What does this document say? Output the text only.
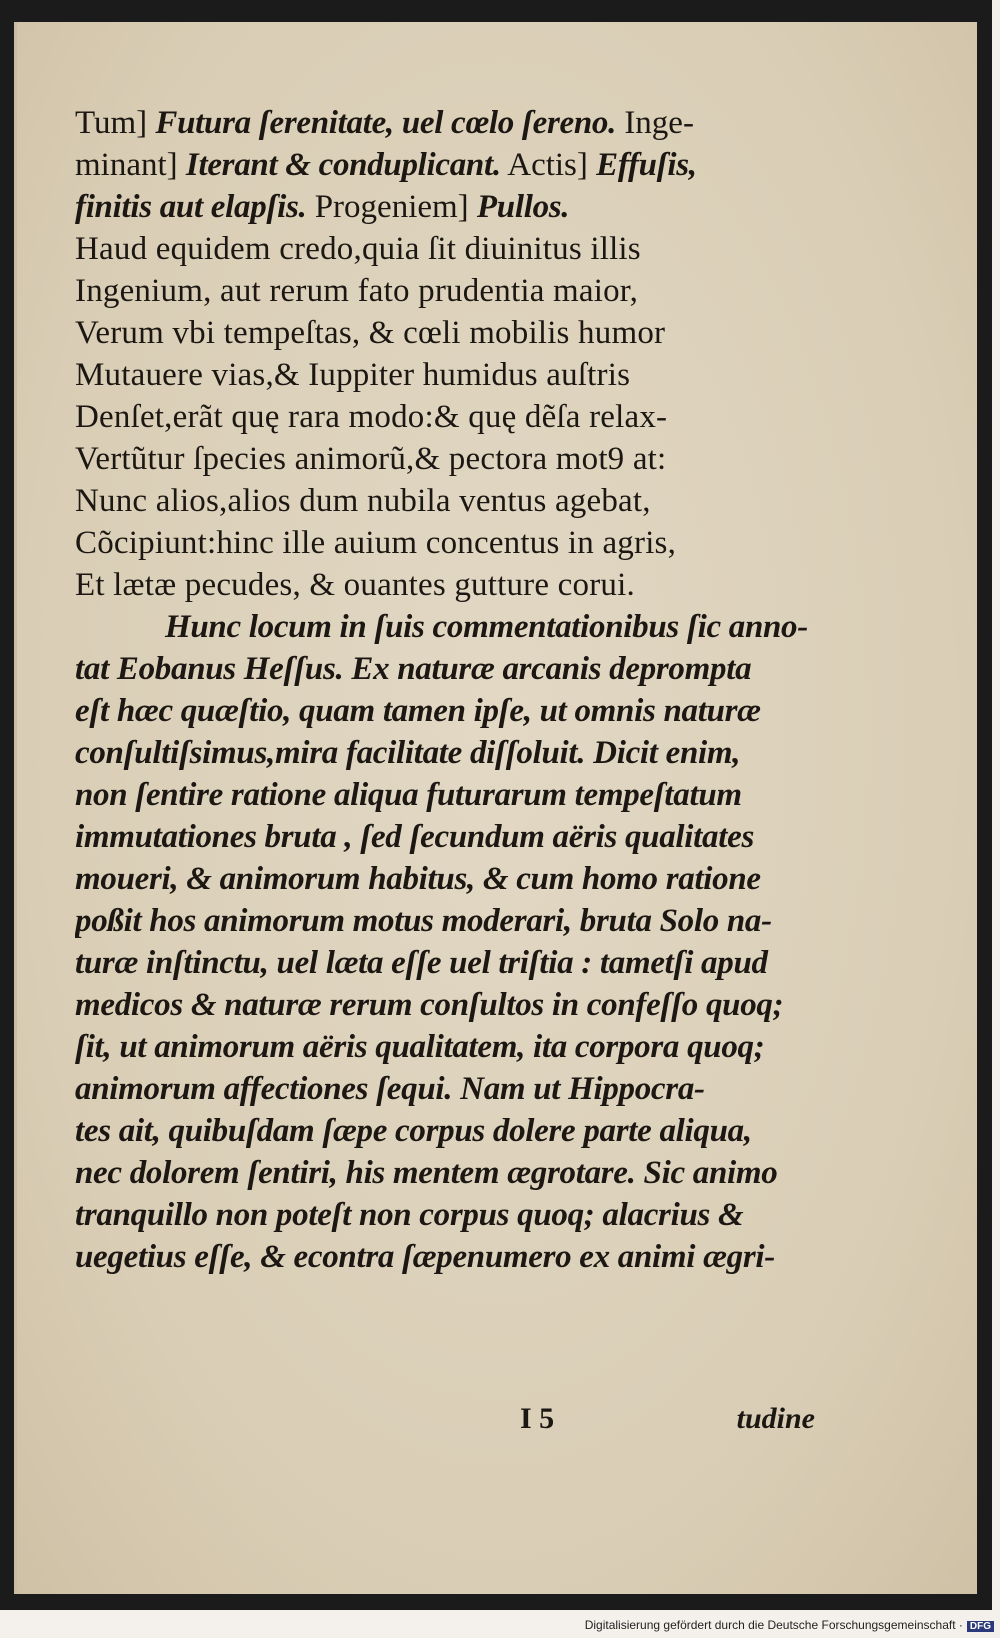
Tum] Futura ſerenitate, uel cœlo ſereno. Inge-
minant] Iterant & conduplicant. Actis] Effuſis,
finitis aut elapſis. Progeniem] Pullos.
Haud equidem credo,quia ſit diuinitus illis
Ingenium, aut rerum fato prudentia maior,
Verum vbi tempeſtas, & cœli mobilis humor
Mutauere vias,& Iuppiter humidus auſtris
Denſet,erãt quę rara modo:& quę dẽſa relax-
Vertũtur ſpecies animorũ,& pectora mot9 at:
Nunc alios,alios dum nubila ventus agebat,
Cõcipiunt:hinc ille auium concentus in agris,
Et lætæ pecudes, & ouantes gutture corui.
Hunc locum in ſuis commentationibus ſic anno-
tat Eobanus Heſſus. Ex naturæ arcanis deprompta
eſt hæc quæſtio, quam tamen ipſe, ut omnis naturæ
conſultiſsimus,mira facilitate diſſoluit. Dicit enim,
non ſentire ratione aliqua futurarum tempeſtatum
immutationes bruta , ſed ſecundum aëris qualitates
moueri, & animorum habitus, & cum homo ratione
poßit hos animorum motus moderari, bruta Solo na-
turæ inſtinctu, uel læta eſſe uel triſtia : tametſi apud
medicos & naturæ rerum conſultos in confeſſo quoq;
ſit, ut animorum aëris qualitatem, ita corpora quoq;
animorum affectiones ſequi. Nam ut Hippocra-
tes ait, quibuſdam ſæpe corpus dolere parte aliqua,
nec dolorem ſentiri, his mentem ægrotare. Sic animo
tranquillo non poteſt non corpus quoq; alacrius &
uegetius eſſe, & econtra ſæpenumero ex animi ægri-
I 5	tudine
Digitalisierung gefördert durch die Deutsche Forschungsgemeinschaft · DFG
